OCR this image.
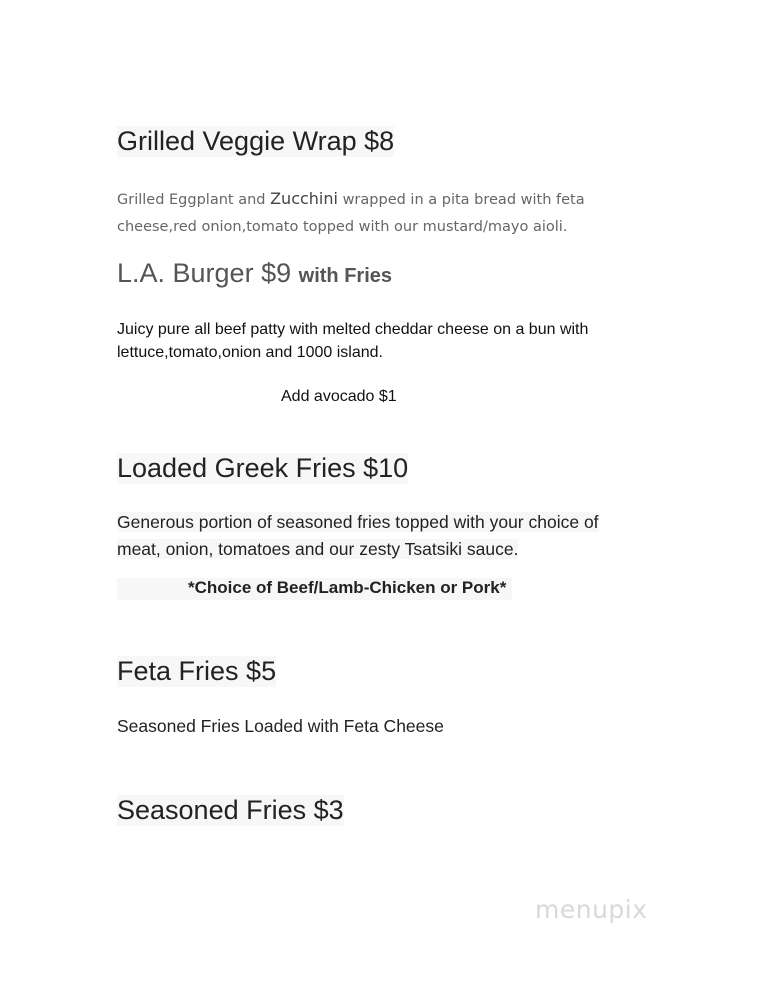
Grilled Veggie Wrap $8
Grilled Eggplant and Zucchini wrapped in a pita bread with feta cheese,red onion,tomato topped with our mustard/mayo aioli.
L.A. Burger $9 with Fries
Juicy pure all beef patty with melted cheddar cheese on a bun with lettuce,tomato,onion and 1000 island.
Add avocado $1
Loaded Greek Fries $10
Generous portion of seasoned fries topped with your choice of meat, onion, tomatoes and our zesty Tsatsiki sauce.
*Choice of Beef/Lamb-Chicken or Pork*
Feta Fries $5
Seasoned Fries Loaded with Feta Cheese
Seasoned Fries $3
menupix
